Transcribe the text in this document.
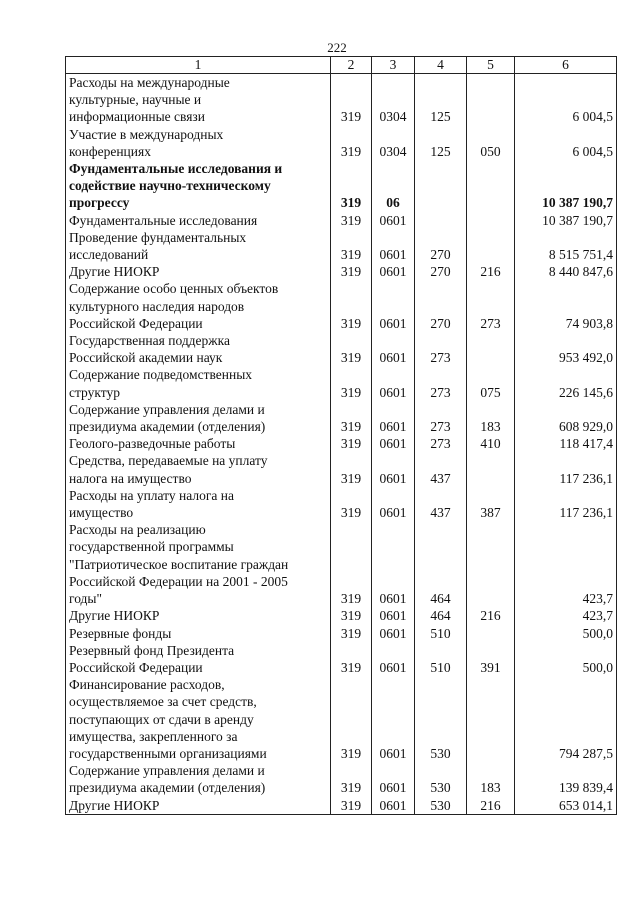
222
1	2	3	4	5	6

Расходы на международные
культурные, научные и
информационные связи	319	0304	125		6 004,5

Участие в международных
конференциях	319	0304	125	050	6 004,5

Фундаментальные исследования и
содействие научно-техническому
прогрессу	319	06			10 387 190,7

Фундаментальные исследования	319	0601			10 387 190,7

Проведение фундаментальных
исследований	319	0601	270		8 515 751,4

Другие НИОКР	319	0601	270	216	8 440 847,6

Содержание особо ценных объектов
культурного наследия народов
Российской Федерации	319	0601	270	273	74 903,8

Государственная поддержка
Российской академии наук	319	0601	273		953 492,0

Содержание подведомственных
структур	319	0601	273	075	226 145,6

Содержание управления делами и
президиума академии (отделения)	319	0601	273	183	608 929,0

Геолого-разведочные работы	319	0601	273	410	118 417,4

Средства, передаваемые на уплату
налога на имущество	319	0601	437		117 236,1

Расходы на уплату налога на
имущество	319	0601	437	387	117 236,1

Расходы на реализацию
государственной программы
"Патриотическое воспитание граждан
Российской Федерации на 2001 - 2005
годы"	319	0601	464		423,7

Другие НИОКР	319	0601	464	216	423,7

Резервные фонды	319	0601	510		500,0

Резервный фонд Президента
Российской Федерации	319	0601	510	391	500,0

Финансирование расходов,
осуществляемое за счет средств,
поступающих от сдачи в аренду
имущества, закрепленного за
государственными организациями	319	0601	530		794 287,5

Содержание управления делами и
президиума академии (отделения)	319	0601	530	183	139 839,4

Другие НИОКР	319	0601	530	216	653 014,1
